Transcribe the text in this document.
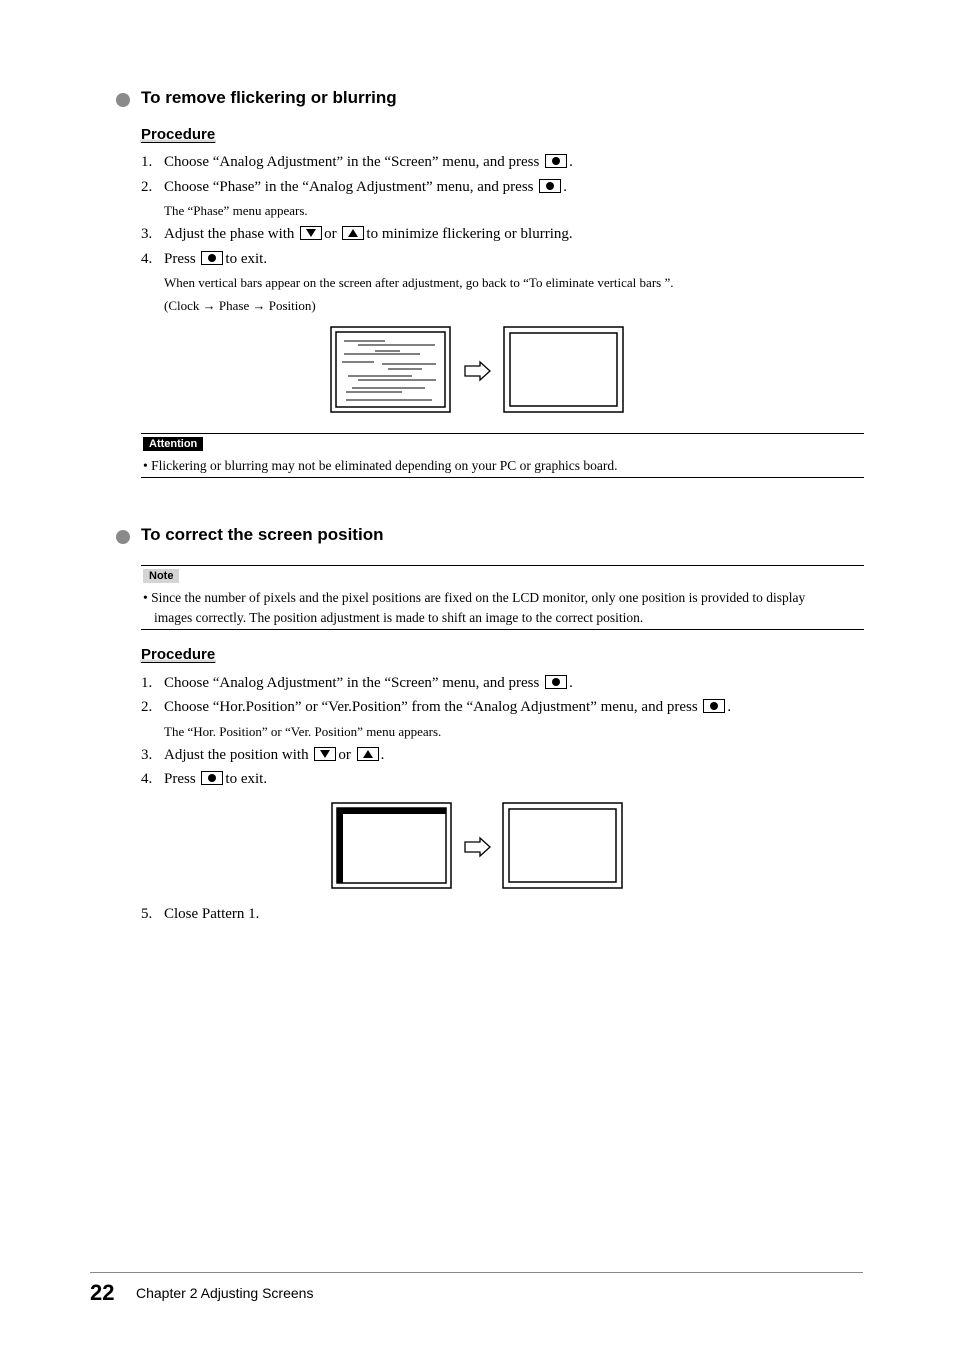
To remove flickering or blurring
Procedure
1. Choose “Analog Adjustment” in the “Screen” menu, and press .
2. Choose “Phase” in the “Analog Adjustment” menu, and press .
The “Phase” menu appears.
3. Adjust the phase with or to minimize flickering or blurring.
4. Press to exit.
When vertical bars appear on the screen after adjustment, go back to “To eliminate vertical bars ”.
(Clock → Phase → Position)
Attention
• Flickering or blurring may not be eliminated depending on your PC or graphics board.
To correct the screen position
Note
• Since the number of pixels and the pixel positions are fixed on the LCD monitor, only one position is provided to display
images correctly. The position adjustment is made to shift an image to the correct position.
Procedure
1. Choose “Analog Adjustment” in the “Screen” menu, and press .
2. Choose “Hor.Position” or “Ver.Position” from the “Analog Adjustment” menu, and press .
The “Hor. Position” or “Ver. Position” menu appears.
3. Adjust the position with or .
4. Press to exit.
5. Close Pattern 1.
22 Chapter 2 Adjusting Screens
